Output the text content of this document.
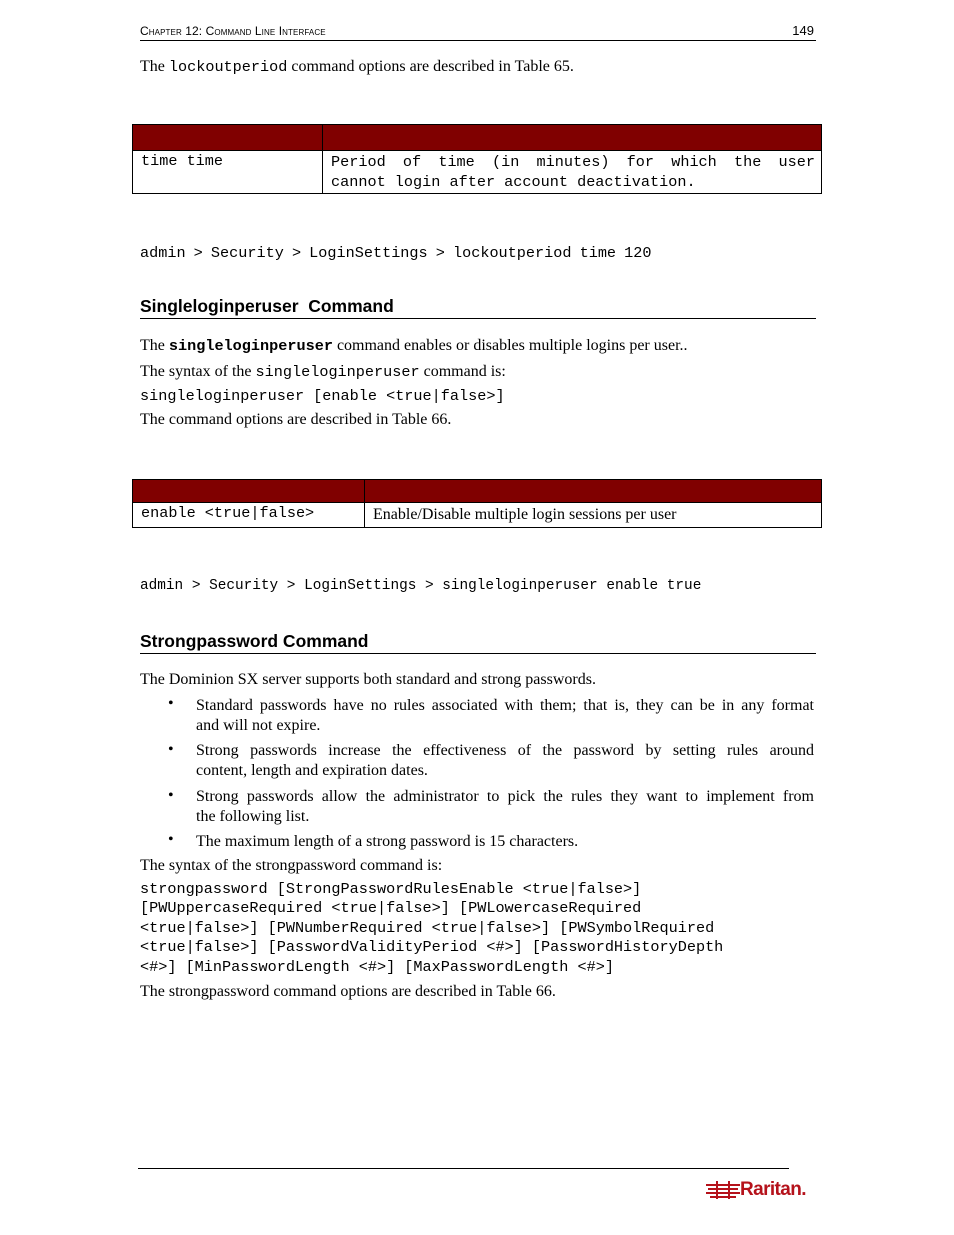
Chapter 12: Command Line Interface	149
The lockoutperiod command options are described in Table 65.

time time	Period of time (in minutes) for which the user
cannot login after account deactivation.
admin > Security > LoginSettings > lockoutperiod time 120
Singleloginperuser  Command
The singleloginperuser command enables or disables multiple logins per user..
The syntax of the singleloginperuser command is:
singleloginperuser [enable <true|false>]
The command options are described in Table 66.

enable <true|false>	Enable/Disable multiple login sessions per user
admin > Security > LoginSettings > singleloginperuser enable true
Strongpassword Command
The Dominion SX server supports both standard and strong passwords.
• Standard passwords have no rules associated with them; that is, they can be in any format
and will not expire.
• Strong passwords increase the effectiveness of the password by setting rules around
content, length and expiration dates.
• Strong passwords allow the administrator to pick the rules they want to implement from
the following list.
• The maximum length of a strong password is 15 characters.
The syntax of the strongpassword command is:
strongpassword [StrongPasswordRulesEnable <true|false>]
[PWUppercaseRequired <true|false>] [PWLowercaseRequired
<true|false>] [PWNumberRequired <true|false>] [PWSymbolRequired
<true|false>] [PasswordValidityPeriod <#>] [PasswordHistoryDepth
<#>] [MinPasswordLength <#>] [MaxPasswordLength <#>]
The strongpassword command options are described in Table 66.
Raritan.
